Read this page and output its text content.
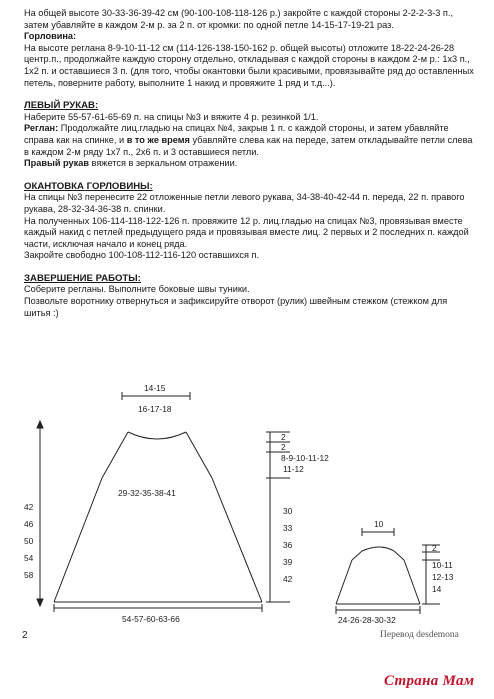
На общей высоте 30-33-36-39-42 см (90-100-108-118-126 р.) закройте с каждой стороны 2-2-2-3-3 п., затем убавляйте в каждом 2-м р. за 2 п. от кромки: по одной петле 14-15-17-19-21 раз.

Горловина:

На высоте реглана 8-9-10-11-12 см (114-126-138-150-162 р. общей высоты) отложите 18-22-24-26-28 центр.п., продолжайте каждую сторону отдельно, откладывая с каждой стороны в каждом 2-м р.: 1х3 п., 1х2 п. и оставшиеся 3 п. (для того, чтобы окантовки были красивыми, провязывайте ряд до оставленных петель, поверните работу, выполните 1 накид и провяжите 1 ряд и т.д...).

ЛЕВЫЙ РУКАВ:

Наберите 55-57-61-65-69 п. на спицы №3 и вяжите 4 р. резинкой 1/1.

Реглан: Продолжайте лиц.гладью на спицах №4, закрыв 1 п. с каждой стороны, и затем убавляйте справа как на спинке, и в то же время убавляйте слева как на переде, затем откладывайте петли слева в каждом 2-м ряду 1х7 п., 2х6 п. и 3 оставшиеся петли.

Правый рукав вяжется в зеркальном отражении.

ОКАНТОВКА ГОРЛОВИНЫ:

На спицы №3 перенесите 22 отложенные петли левого рукава, 34-38-40-42-44 п. переда, 22 п. правого рукава, 28-32-34-36-38 п. спинки.

На полученных 106-114-118-122-126 п. провяжите 12 р. лиц.гладью на спицах №3, провязывая вместе каждый накид с петлей предыдущего ряда и провязывая вместе лиц. 2 первых и 2 последних п. каждой части, исключая начало и конец ряда.

Закройте свободно 100-108-112-116-120 оставшихся п.

ЗАВЕРШЕНИЕ РАБОТЫ:

Соберите регланы. Выполните боковые швы туники.

Позвольте воротнику отвернуться и зафиксируйте отворот (рулик) швейным стежком (стежком для шитья :)

14-15
16-17-18
2
2
8-9-10-11-12
11-12
30
33
36
39
42
29-32-35-38-41
42
46
50
54
58
54-57-60-63-66
10
2
10-11
12-13
14
24-26-28-30-32
Перевод desdemona
2
Страна Мам
